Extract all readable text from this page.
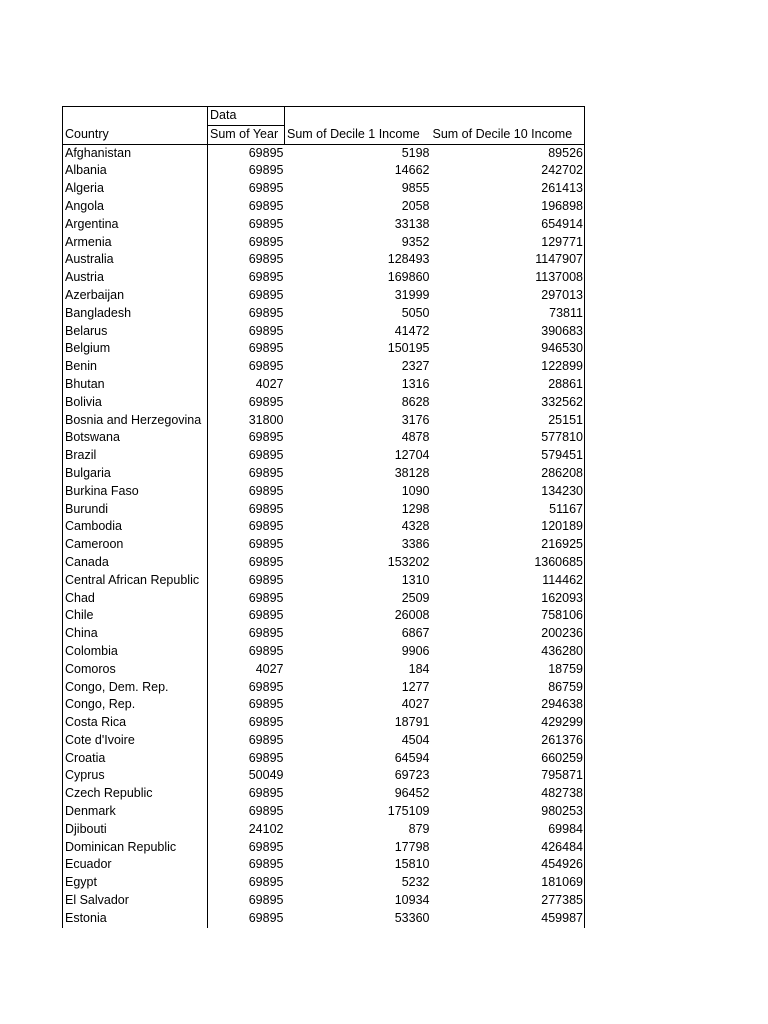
	Data		
Country	Sum of Year	Sum of Decile 1 Income	Sum of Decile 10 Income
Afghanistan	69895	5198	89526
Albania	69895	14662	242702
Algeria	69895	9855	261413
Angola	69895	2058	196898
Argentina	69895	33138	654914
Armenia	69895	9352	129771
Australia	69895	128493	1147907
Austria	69895	169860	1137008
Azerbaijan	69895	31999	297013
Bangladesh	69895	5050	73811
Belarus	69895	41472	390683
Belgium	69895	150195	946530
Benin	69895	2327	122899
Bhutan	4027	1316	28861
Bolivia	69895	8628	332562
Bosnia and Herzegovina	31800	3176	25151
Botswana	69895	4878	577810
Brazil	69895	12704	579451
Bulgaria	69895	38128	286208
Burkina Faso	69895	1090	134230
Burundi	69895	1298	51167
Cambodia	69895	4328	120189
Cameroon	69895	3386	216925
Canada	69895	153202	1360685
Central African Republic	69895	1310	114462
Chad	69895	2509	162093
Chile	69895	26008	758106
China	69895	6867	200236
Colombia	69895	9906	436280
Comoros	4027	184	18759
Congo, Dem. Rep.	69895	1277	86759
Congo, Rep.	69895	4027	294638
Costa Rica	69895	18791	429299
Cote d'Ivoire	69895	4504	261376
Croatia	69895	64594	660259
Cyprus	50049	69723	795871
Czech Republic	69895	96452	482738
Denmark	69895	175109	980253
Djibouti	24102	879	69984
Dominican Republic	69895	17798	426484
Ecuador	69895	15810	454926
Egypt	69895	5232	181069
El Salvador	69895	10934	277385
Estonia	69895	53360	459987
